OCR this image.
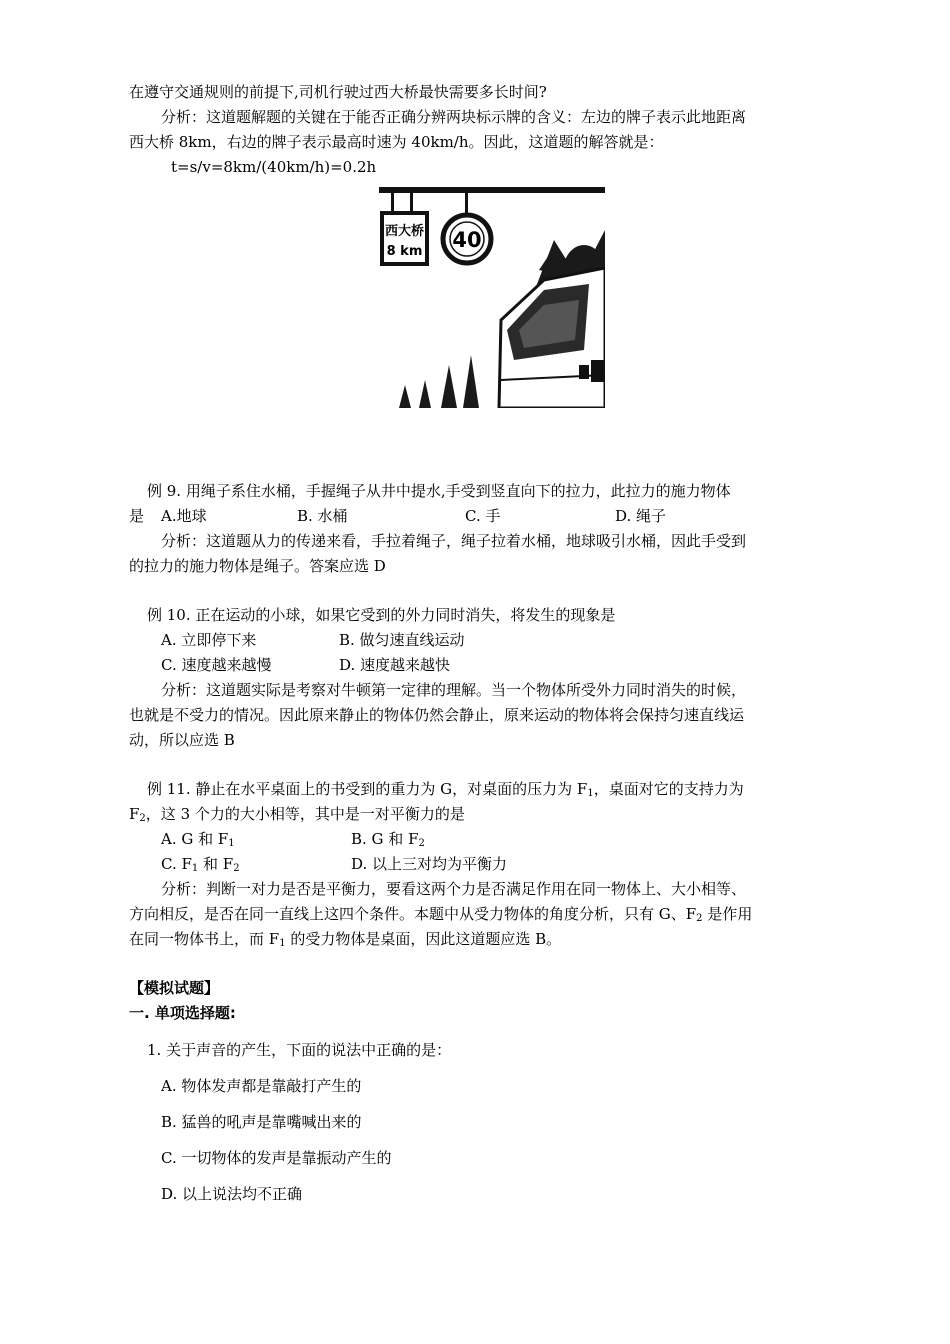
在遵守交通规则的前提下,司机行驶过西大桥最快需要多长时间?
分析：这道题解题的关键在于能否正确分辨两块标示牌的含义：左边的牌子表示此地距离
西大桥 8km，右边的牌子表示最高时速为 40km/h。因此，这道题的解答就是：
t=s/v=8km/(40km/h)=0.2h
西大桥
8 km 40
例 9. 用绳子系住水桶，手握绳子从井中提水,手受到竖直向下的拉力，此拉力的施力物体
是 A.地球	B. 水桶	C. 手	D. 绳子
分析：这道题从力的传递来看，手拉着绳子，绳子拉着水桶，地球吸引水桶，因此手受到
的拉力的施力物体是绳子。答案应选 D
例 10. 正在运动的小球，如果它受到的外力同时消失，将发生的现象是
A. 立即停下来	B. 做匀速直线运动
C. 速度越来越慢	D. 速度越来越快
分析：这道题实际是考察对牛顿第一定律的理解。当一个物体所受外力同时消失的时候，
也就是不受力的情况。因此原来静止的物体仍然会静止，原来运动的物体将会保持匀速直线运
动，所以应选 B
例 11. 静止在水平桌面上的书受到的重力为 G，对桌面的压力为 $F_1$，桌面对它的支持力为
$F_2$，这 3 个力的大小相等，其中是一对平衡力的是
A. G 和 $F_1$	B. G 和 $F_2$
C. $F_1$ 和 $F_2$	D. 以上三对均为平衡力
分析：判断一对力是否是平衡力，要看这两个力是否满足作用在同一物体上、大小相等、
方向相反，是否在同一直线上这四个条件。本题中从受力物体的角度分析，只有 G、$F_2$ 是作用
在同一物体书上，而 $F_1$ 的受力物体是桌面，因此这道题应选 B。
【模拟试题】
一. 单项选择题:
1. 关于声音的产生，下面的说法中正确的是：
A. 物体发声都是靠敲打产生的
B. 猛兽的吼声是靠嘴喊出来的
C. 一切物体的发声是靠振动产生的
D. 以上说法均不正确
